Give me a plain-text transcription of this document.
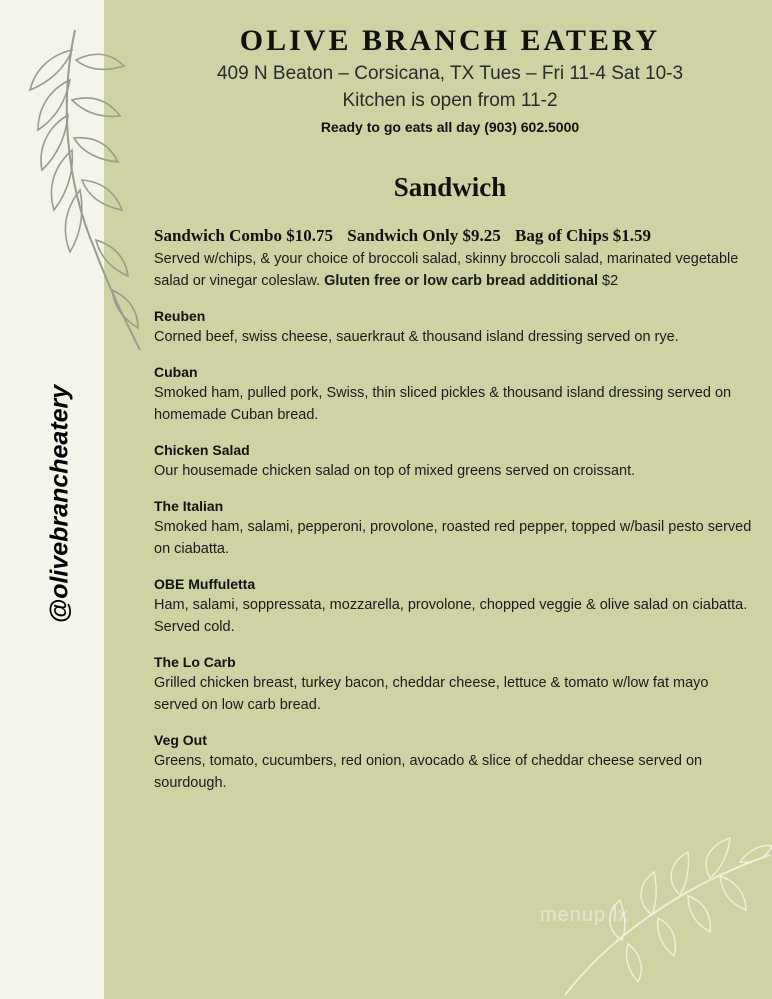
@olivebrancheatery
OLIVE BRANCH EATERY
409 N Beaton – Corsicana, TX Tues – Fri 11-4 Sat 10-3
Kitchen is open from 11-2
Ready to go eats all day (903) 602.5000
Sandwich
Sandwich Combo $10.75 Sandwich Only $9.25 Bag of Chips $1.59
Served w/chips, & your choice of broccoli salad, skinny broccoli salad, marinated vegetable salad or vinegar coleslaw. Gluten free or low carb bread additional $2
Reuben
Corned beef, swiss cheese, sauerkraut & thousand island dressing served on rye.
Cuban
Smoked ham, pulled pork, Swiss, thin sliced pickles & thousand island dressing served on homemade Cuban bread.
Chicken Salad
Our housemade chicken salad on top of mixed greens served on croissant.
The Italian
Smoked ham, salami, pepperoni, provolone, roasted red pepper, topped w/basil pesto served on ciabatta.
OBE Muffuletta
Ham, salami, soppressata, mozzarella, provolone, chopped veggie & olive salad on ciabatta. Served cold.
The Lo Carb
Grilled chicken breast, turkey bacon, cheddar cheese, lettuce & tomato w/low fat mayo served on low carb bread.
Veg Out
Greens, tomato, cucumbers, red onion, avocado & slice of cheddar cheese served on sourdough.
menup lx
